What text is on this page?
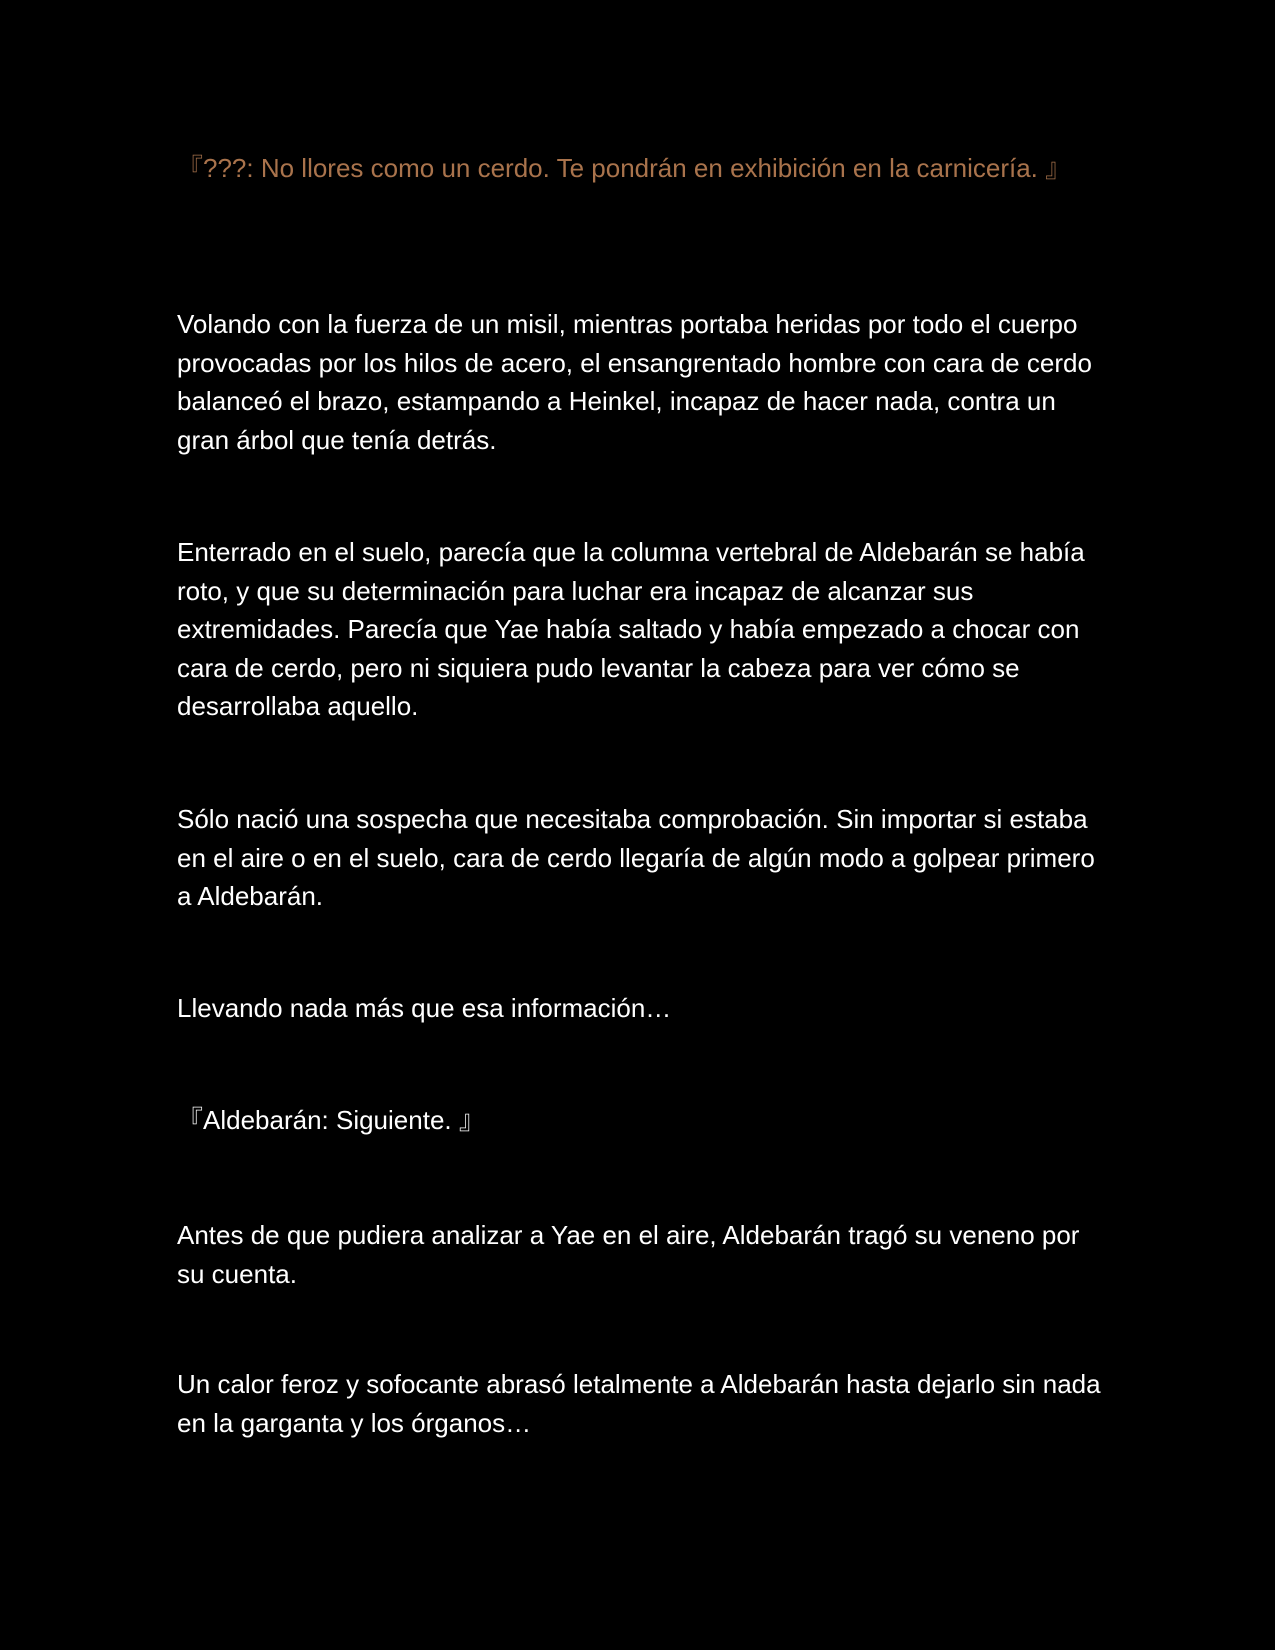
『???: No llores como un cerdo. Te pondrán en exhibición en la carnicería. 』

Volando con la fuerza de un misil, mientras portaba heridas por todo el cuerpo provocadas por los hilos de acero, el ensangrentado hombre con cara de cerdo balanceó el brazo, estampando a Heinkel, incapaz de hacer nada, contra un gran árbol que tenía detrás.

Enterrado en el suelo, parecía que la columna vertebral de Aldebarán se había roto, y que su determinación para luchar era incapaz de alcanzar sus extremidades. Parecía que Yae había saltado y había empezado a chocar con cara de cerdo, pero ni siquiera pudo levantar la cabeza para ver cómo se desarrollaba aquello.

Sólo nació una sospecha que necesitaba comprobación. Sin importar si estaba en el aire o en el suelo, cara de cerdo llegaría de algún modo a golpear primero a Aldebarán.

Llevando nada más que esa información…

『Aldebarán: Siguiente. 』

Antes de que pudiera analizar a Yae en el aire, Aldebarán tragó su veneno por su cuenta.

Un calor feroz y sofocante abrasó letalmente a Aldebarán hasta dejarlo sin nada en la garganta y los órganos…
